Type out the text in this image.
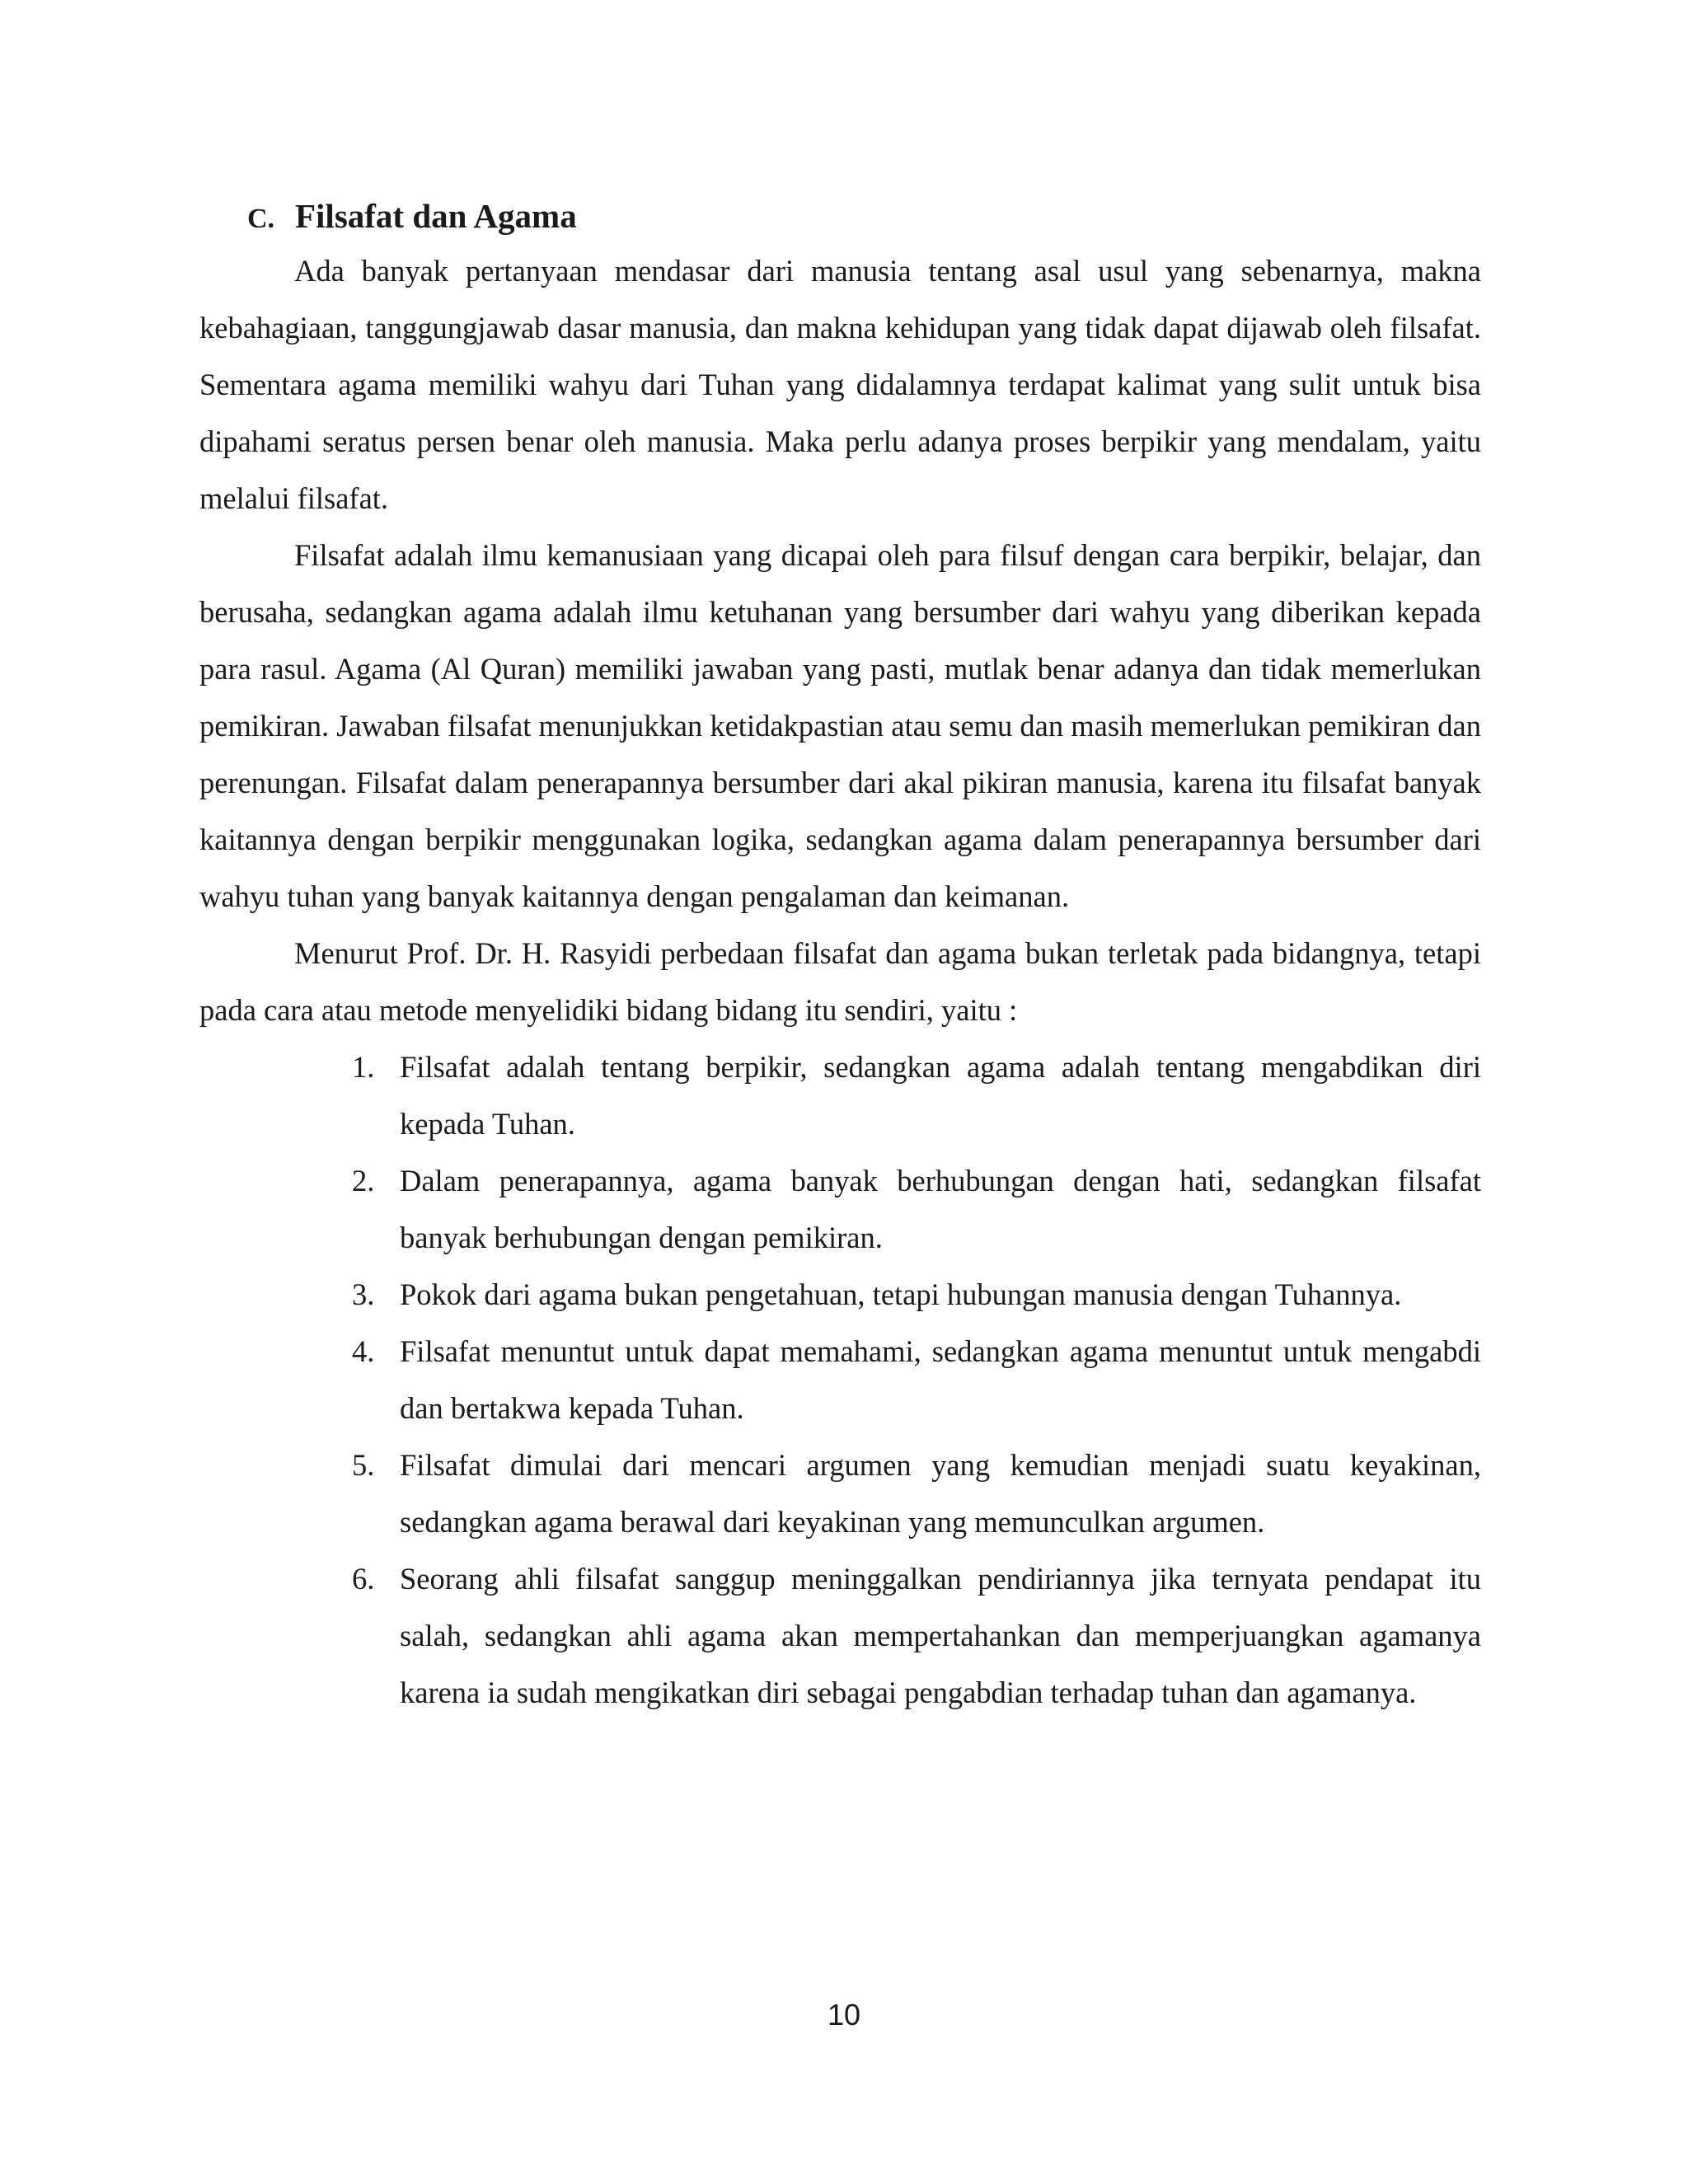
C. Filsafat dan Agama

Ada banyak pertanyaan mendasar dari manusia tentang asal usul yang sebenarnya, makna kebahagiaan, tanggungjawab dasar manusia, dan makna kehidupan yang tidak dapat dijawab oleh filsafat. Sementara agama memiliki wahyu dari Tuhan yang didalamnya terdapat kalimat yang sulit untuk bisa dipahami seratus persen benar oleh manusia. Maka perlu adanya proses berpikir yang mendalam, yaitu melalui filsafat.

Filsafat adalah ilmu kemanusiaan yang dicapai oleh para filsuf dengan cara berpikir, belajar, dan berusaha, sedangkan agama adalah ilmu ketuhanan yang bersumber dari wahyu yang diberikan kepada para rasul. Agama (Al Quran) memiliki jawaban yang pasti, mutlak benar adanya dan tidak memerlukan pemikiran. Jawaban filsafat menunjukkan ketidakpastian atau semu dan masih memerlukan pemikiran dan perenungan. Filsafat dalam penerapannya bersumber dari akal pikiran manusia, karena itu filsafat banyak kaitannya dengan berpikir menggunakan logika, sedangkan agama dalam penerapannya bersumber dari wahyu tuhan yang banyak kaitannya dengan pengalaman dan keimanan.

Menurut Prof. Dr. H. Rasyidi perbedaan filsafat dan agama bukan terletak pada bidangnya, tetapi pada cara atau metode menyelidiki bidang bidang itu sendiri, yaitu :

1. Filsafat adalah tentang berpikir, sedangkan agama adalah tentang mengabdikan diri kepada Tuhan.
2. Dalam penerapannya, agama banyak berhubungan dengan hati, sedangkan filsafat banyak berhubungan dengan pemikiran.
3. Pokok dari agama bukan pengetahuan, tetapi hubungan manusia dengan Tuhannya.
4. Filsafat menuntut untuk dapat memahami, sedangkan agama menuntut untuk mengabdi dan bertakwa kepada Tuhan.
5. Filsafat dimulai dari mencari argumen yang kemudian menjadi suatu keyakinan, sedangkan agama berawal dari keyakinan yang memunculkan argumen.
6. Seorang ahli filsafat sanggup meninggalkan pendiriannya jika ternyata pendapat itu salah, sedangkan ahli agama akan mempertahankan dan memperjuangkan agamanya karena ia sudah mengikatkan diri sebagai pengabdian terhadap tuhan dan agamanya.
10
